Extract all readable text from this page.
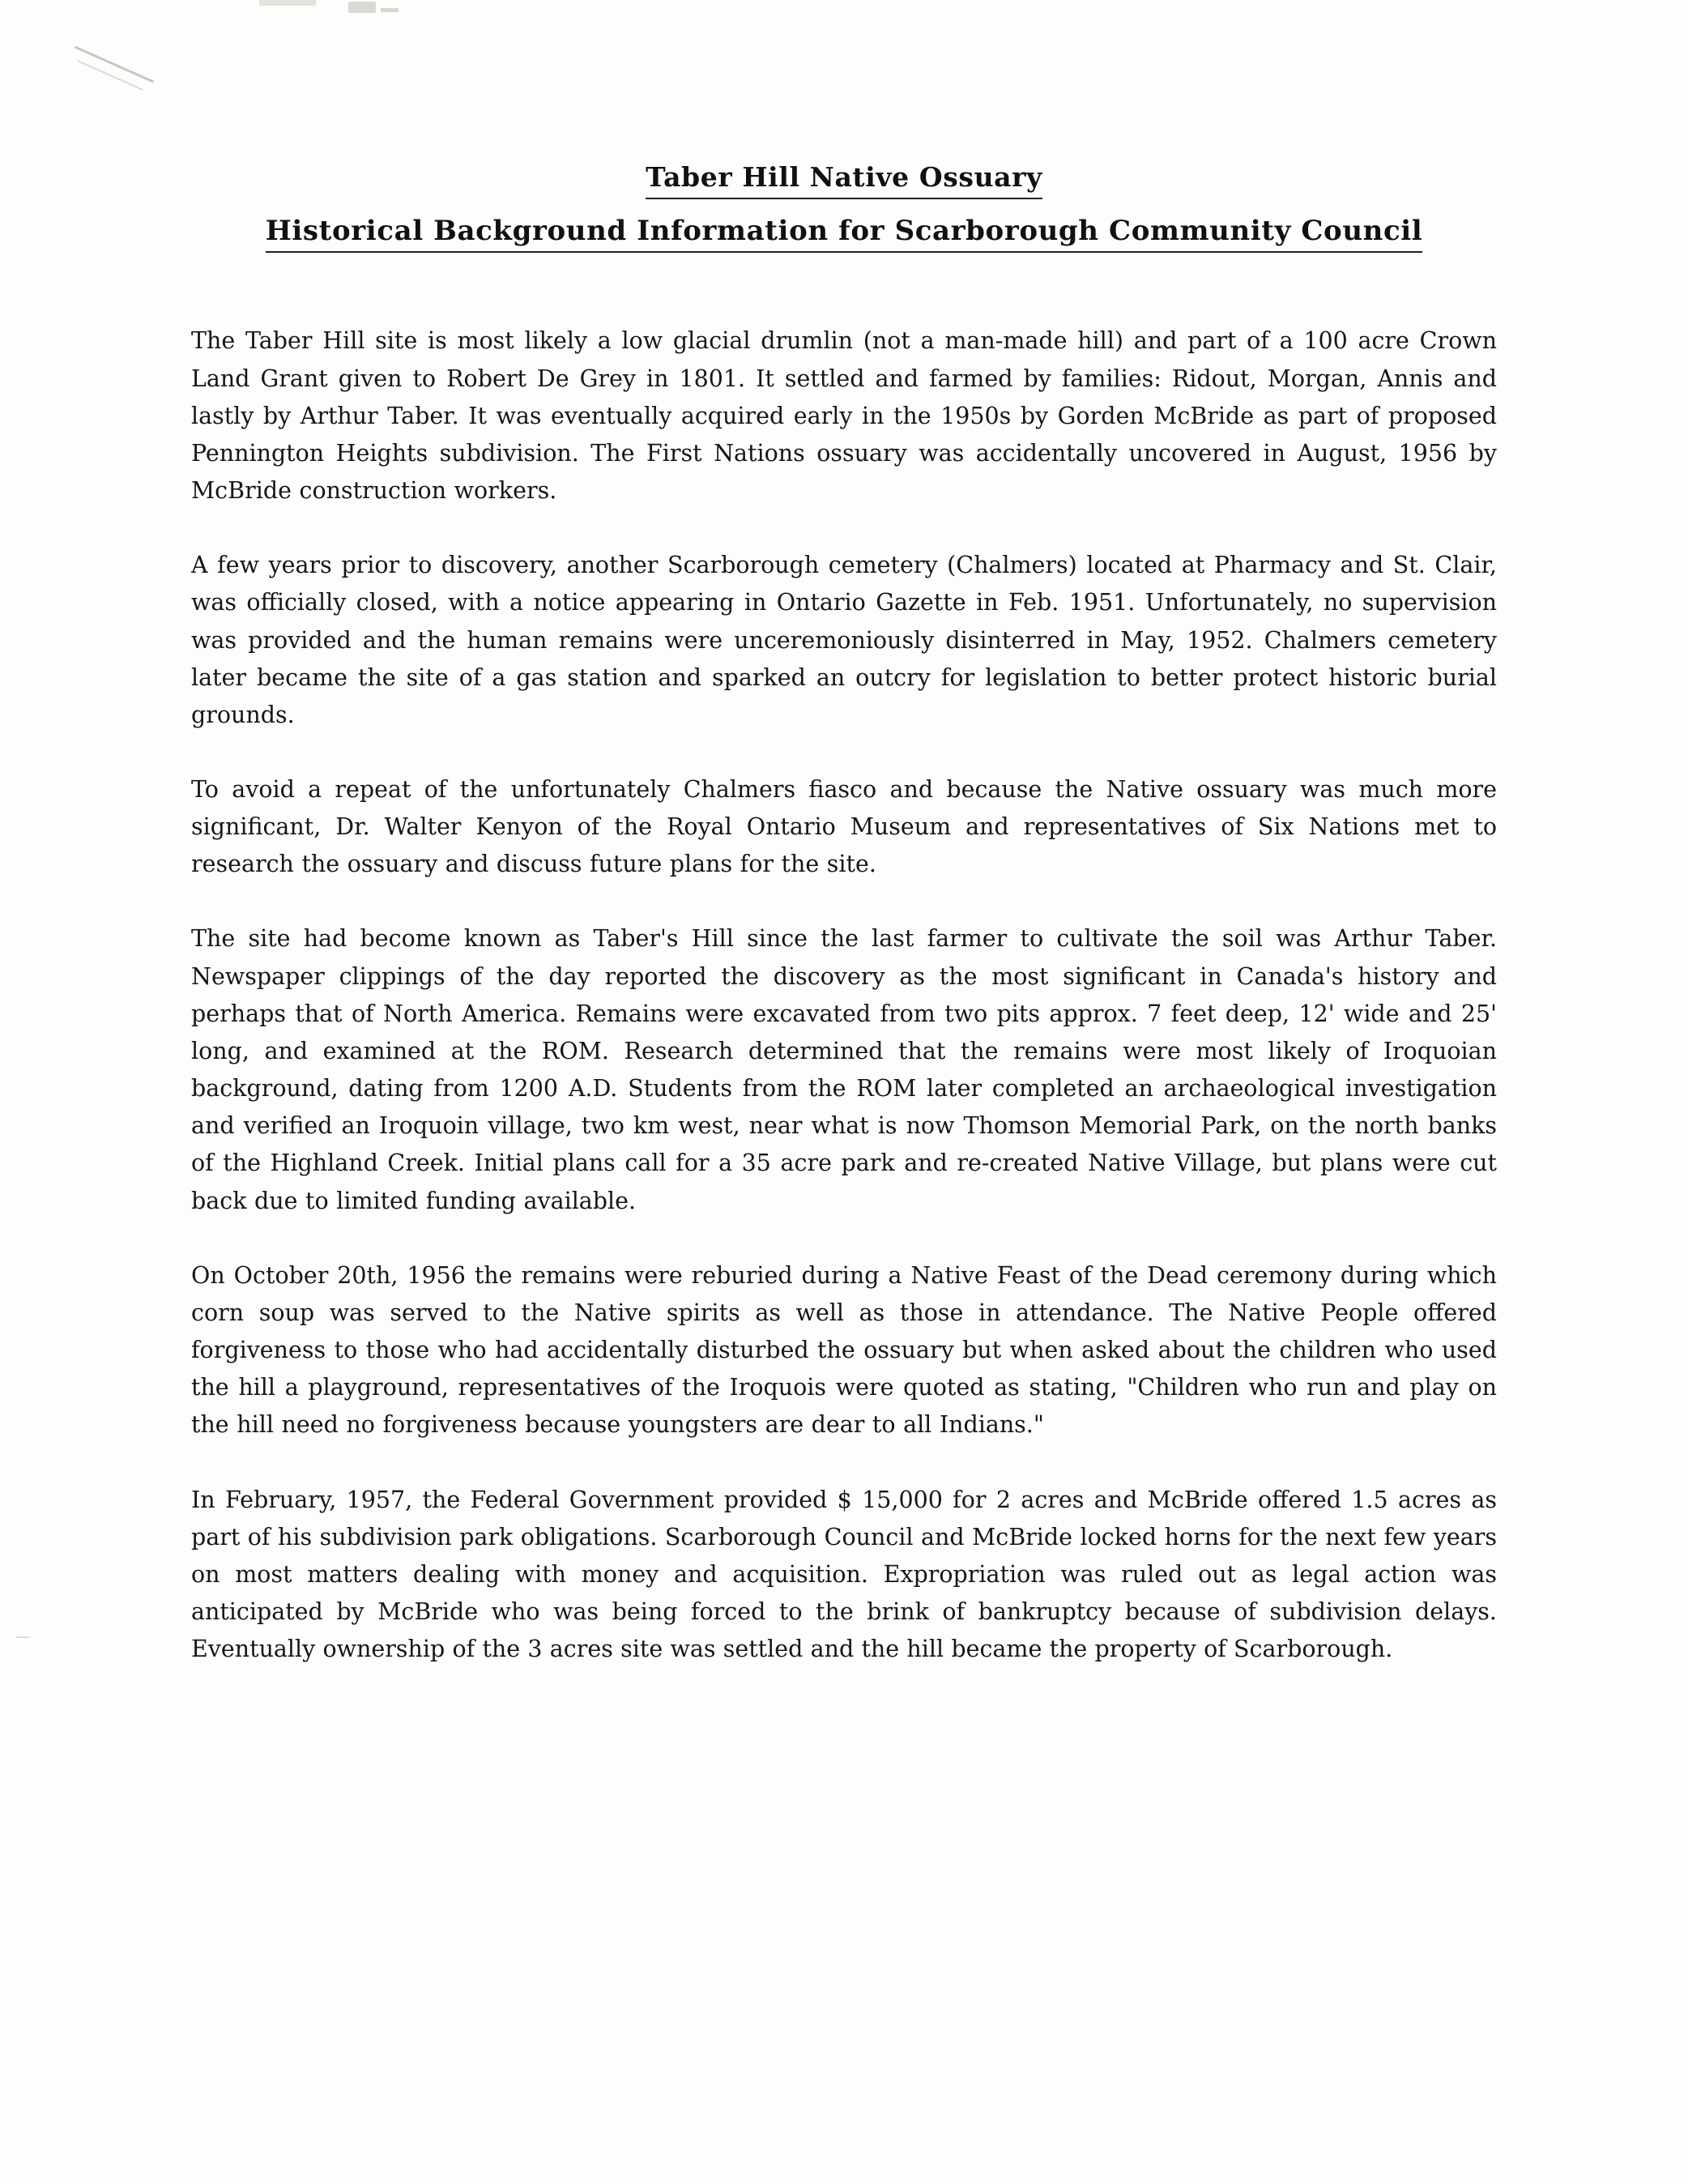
Taber Hill Native Ossuary Historical Background Information for Scarborough Community Council

The Taber Hill site is most likely a low glacial drumlin (not a man-made hill) and part of a 100 acre Crown Land Grant given to Robert De Grey in 1801. It settled and farmed by families: Ridout, Morgan, Annis and lastly by Arthur Taber. It was eventually acquired early in the 1950s by Gorden McBride as part of proposed Pennington Heights subdivision. The First Nations ossuary was accidentally uncovered in August, 1956 by McBride construction workers.

A few years prior to discovery, another Scarborough cemetery (Chalmers) located at Pharmacy and St. Clair, was officially closed, with a notice appearing in Ontario Gazette in Feb. 1951. Unfortunately, no supervision was provided and the human remains were unceremoniously disinterred in May, 1952. Chalmers cemetery later became the site of a gas station and sparked an outcry for legislation to better protect historic burial grounds.

To avoid a repeat of the unfortunately Chalmers fiasco and because the Native ossuary was much more significant, Dr. Walter Kenyon of the Royal Ontario Museum and representatives of Six Nations met to research the ossuary and discuss future plans for the site.

The site had become known as Taber's Hill since the last farmer to cultivate the soil was Arthur Taber. Newspaper clippings of the day reported the discovery as the most significant in Canada's history and perhaps that of North America. Remains were excavated from two pits approx. 7 feet deep, 12' wide and 25' long, and examined at the ROM. Research determined that the remains were most likely of Iroquoian background, dating from 1200 A.D. Students from the ROM later completed an archaeological investigation and verified an Iroquoin village, two km west, near what is now Thomson Memorial Park, on the north banks of the Highland Creek. Initial plans call for a 35 acre park and re-created Native Village, but plans were cut back due to limited funding available.

On October 20th, 1956 the remains were reburied during a Native Feast of the Dead ceremony during which corn soup was served to the Native spirits as well as those in attendance. The Native People offered forgiveness to those who had accidentally disturbed the ossuary but when asked about the children who used the hill a playground, representatives of the Iroquois were quoted as stating, "Children who run and play on the hill need no forgiveness because youngsters are dear to all Indians."

In February, 1957, the Federal Government provided $ 15,000 for 2 acres and McBride offered 1.5 acres as part of his subdivision park obligations. Scarborough Council and McBride locked horns for the next few years on most matters dealing with money and acquisition. Expropriation was ruled out as legal action was anticipated by McBride who was being forced to the brink of bankruptcy because of subdivision delays. Eventually ownership of the 3 acres site was settled and the hill became the property of Scarborough.
